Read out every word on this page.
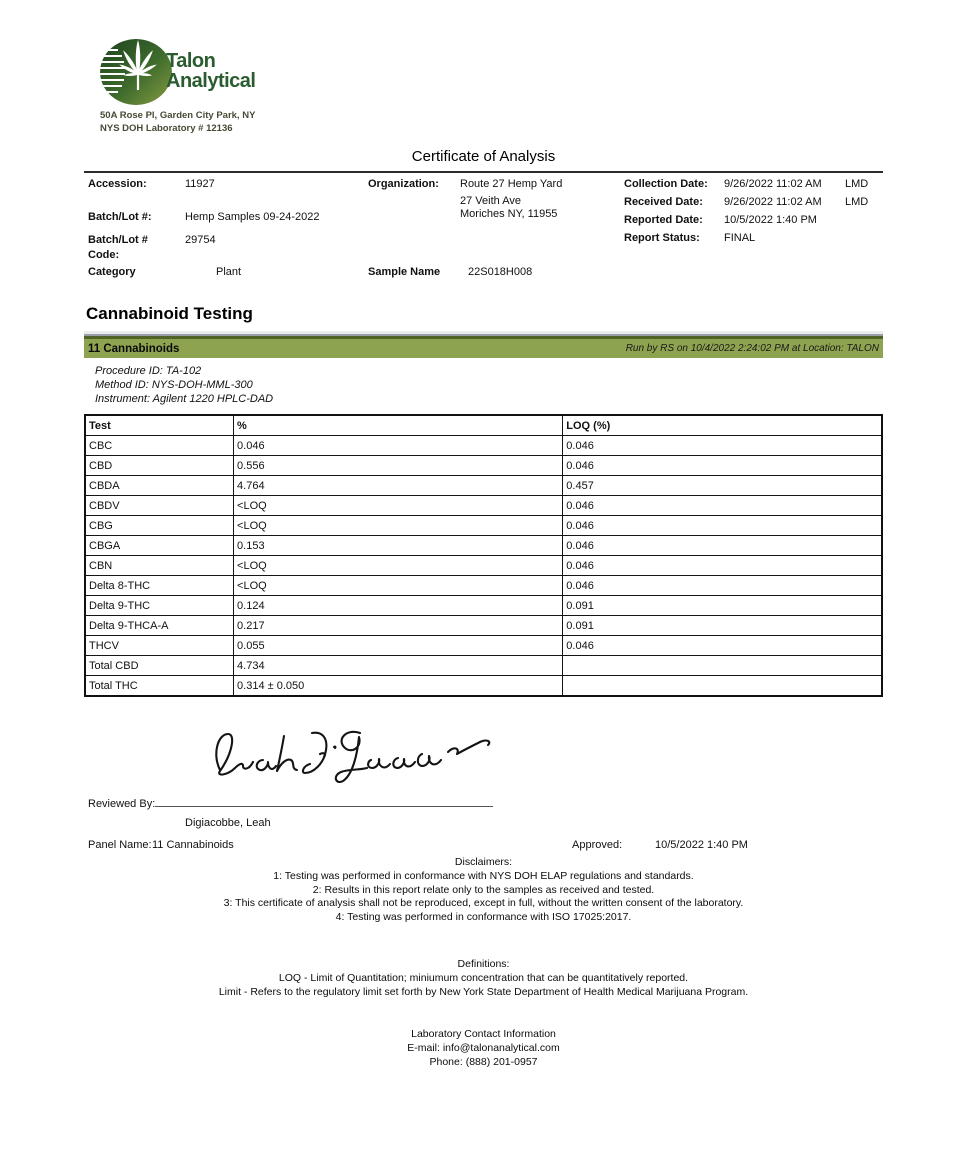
Talon
Analytical
50A Rose Pl, Garden City Park, NY
NYS DOH Laboratory # 12136
Certificate of Analysis
Accession:	11927
Batch/Lot #:	Hemp Samples 09-24-2022
Batch/Lot #
Code:
29754
Category	Plant
Organization: Route 27 Hemp Yard
27 Veith Ave
Moriches NY, 11955
Sample Name	22S018H008
Collection Date: 9/26/2022 11:02 AM LMD
Received Date: 9/26/2022 11:02 AM LMD
Reported Date: 10/5/2022 1:40 PM
Report Status: FINAL
Cannabinoid Testing
11 Cannabinoids	Run by RS on 10/4/2022 2:24:02 PM at Location: TALON
Procedure ID: TA-102
Method ID: NYS-DOH-MML-300
Instrument: Agilent 1220 HPLC-DAD
Test	%	LOQ (%)
CBC	0.046	0.046
CBD	0.556	0.046
CBDA	4.764	0.457
CBDV	<LOQ	0.046
CBG	<LOQ	0.046
CBGA	0.153	0.046
CBN	<LOQ	0.046
Delta 8-THC	<LOQ	0.046
Delta 9-THC	0.124	0.091
Delta 9-THCA-A	0.217	0.091
THCV	0.055	0.046
Total CBD	4.734	
Total THC	0.314 ± 0.050	
Reviewed By:
Digiacobbe, Leah
Panel Name: 11 Cannabinoids	Approved:	10/5/2022 1:40 PM
Disclaimers:
1: Testing was performed in conformance with NYS DOH ELAP regulations and standards.
2: Results in this report relate only to the samples as received and tested.
3: This certificate of analysis shall not be reproduced, except in full, without the written consent of the laboratory.
4: Testing was performed in conformance with ISO 17025:2017.
Definitions:
LOQ - Limit of Quantitation; miniumum concentration that can be quantitatively reported.
Limit - Refers to the regulatory limit set forth by New York State Department of Health Medical Marijuana Program.
Laboratory Contact Information
E-mail: info@talonanalytical.com
Phone: (888) 201-0957
